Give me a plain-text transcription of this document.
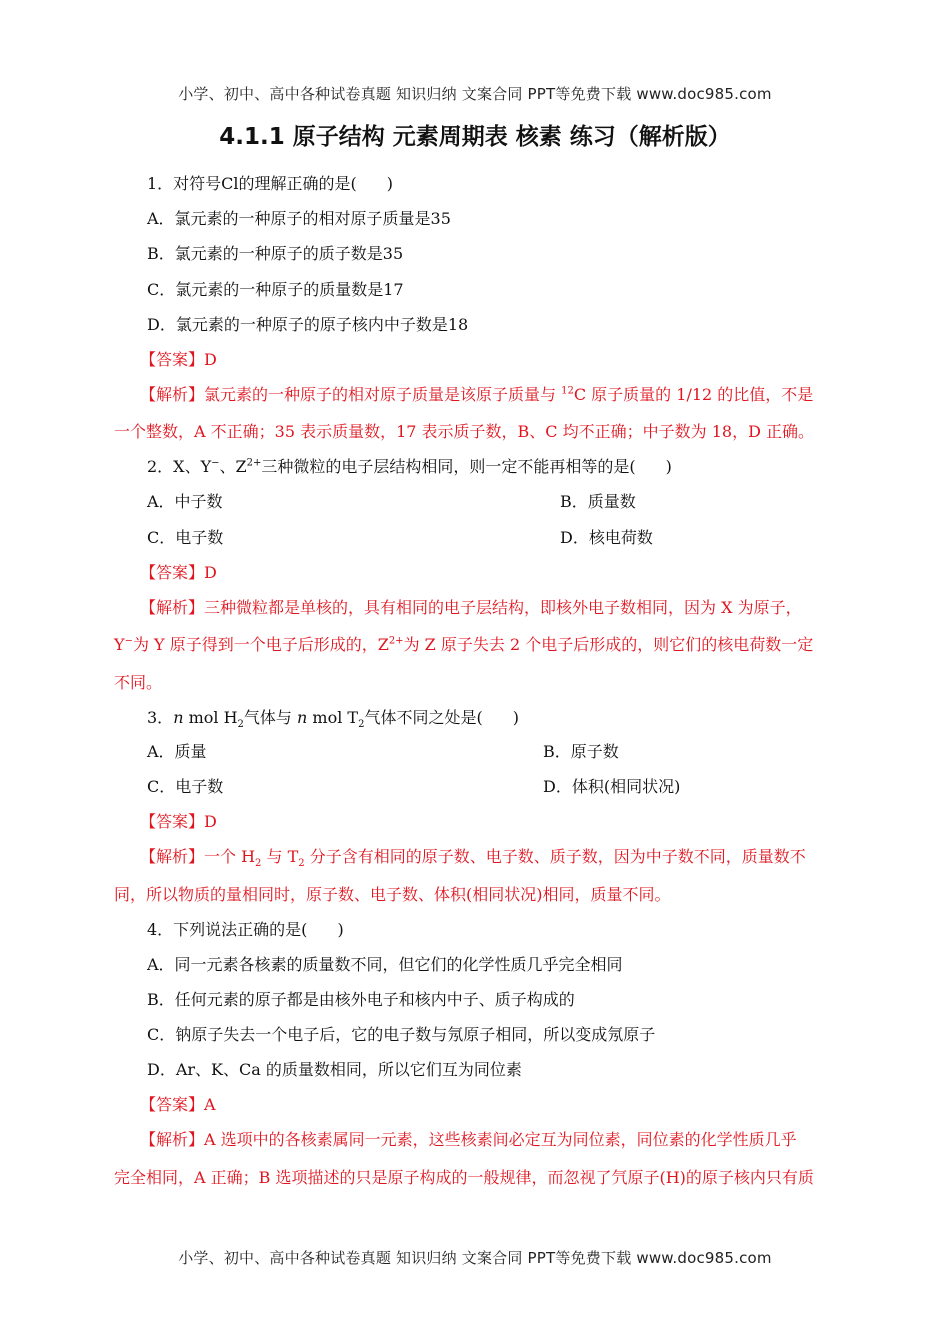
小学、初中、高中各种试卷真题 知识归纳 文案合同 PPT等免费下载 www.doc985.com
4.1.1 原子结构 元素周期表 核素 练习（解析版）
1．对符号Cl的理解正确的是( )
A．氯元素的一种原子的相对原子质量是35
B．氯元素的一种原子的质子数是35
C．氯元素的一种原子的质量数是17
D．氯元素的一种原子的原子核内中子数是18
【答案】D
【解析】氯元素的一种原子的相对原子质量是该原子质量与 $^{12}$C 原子质量的 1/12 的比值，不是
一个整数，A 不正确；35 表示质量数，17 表示质子数，B、C 均不正确；中子数为 18，D 正确。
2．X、Y−、$Z^{2+}$三种微粒的电子层结构相同，则一定不能再相等的是( )
A．中子数	B．质量数
C．电子数	D．核电荷数
【答案】D
【解析】三种微粒都是单核的，具有相同的电子层结构，即核外电子数相同，因为 X 为原子，
Y−为 Y 原子得到一个电子后形成的，$Z^{2+}$为 Z 原子失去 2 个电子后形成的，则它们的核电荷数一定
不同。
3．n mol $H_2$气体与 n mol $T_2$气体不同之处是( )
A．质量	B．原子数
C．电子数	D．体积(相同状况)
【答案】D
【解析】一个 $H_2$ 与 $T_2$ 分子含有相同的原子数、电子数、质子数，因为中子数不同，质量数不
同，所以物质的量相同时，原子数、电子数、体积(相同状况)相同，质量不同。
4．下列说法正确的是( )
A．同一元素各核素的质量数不同，但它们的化学性质几乎完全相同
B．任何元素的原子都是由核外电子和核内中子、质子构成的
C．钠原子失去一个电子后，它的电子数与氖原子相同，所以变成氖原子
D．Ar、K、Ca 的质量数相同，所以它们互为同位素
【答案】A
【解析】A 选项中的各核素属同一元素，这些核素间必定互为同位素，同位素的化学性质几乎
完全相同，A 正确；B 选项描述的只是原子构成的一般规律，而忽视了氕原子(H)的原子核内只有质
小学、初中、高中各种试卷真题 知识归纳 文案合同 PPT等免费下载 www.doc985.com
